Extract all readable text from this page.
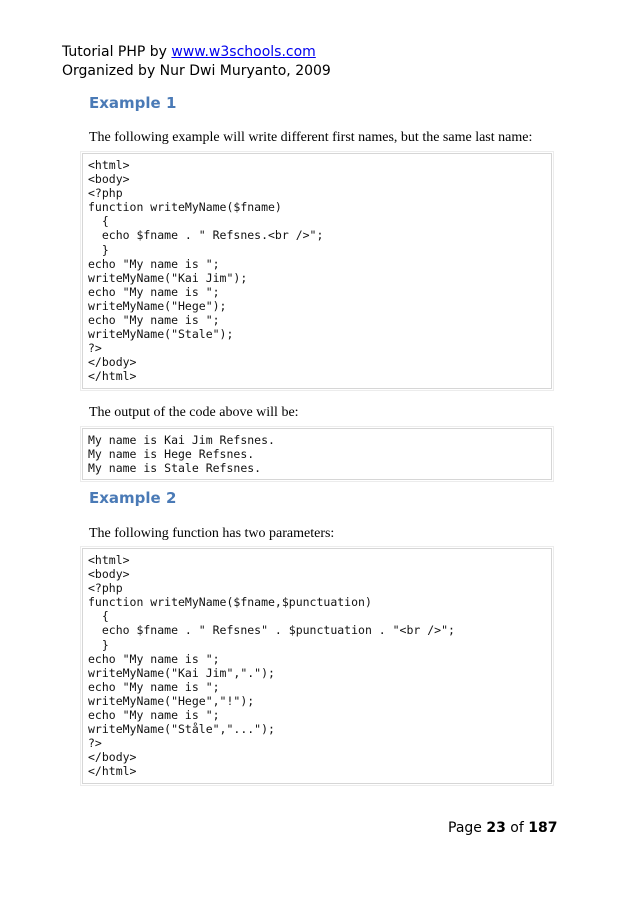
Tutorial PHP by www.w3schools.com
Organized by Nur Dwi Muryanto, 2009
Example 1
The following example will write different first names, but the same last name:
<html>
<body>
<?php
function writeMyName($fname)
{
echo $fname . " Refsnes.<br />";
}
echo "My name is ";
writeMyName("Kai Jim");
echo "My name is ";
writeMyName("Hege");
echo "My name is ";
writeMyName("Stale");
?>
</body>
</html>
The output of the code above will be:
My name is Kai Jim Refsnes.
My name is Hege Refsnes.
My name is Stale Refsnes.
Example 2
The following function has two parameters:
<html>
<body>
<?php
function writeMyName($fname,$punctuation)
{
echo $fname . " Refsnes" . $punctuation . "<br />";
}
echo "My name is ";
writeMyName("Kai Jim",".");
echo "My name is ";
writeMyName("Hege","!");
echo "My name is ";
writeMyName("Ståle","...");
?>
</body>
</html>
Page 23 of 187
